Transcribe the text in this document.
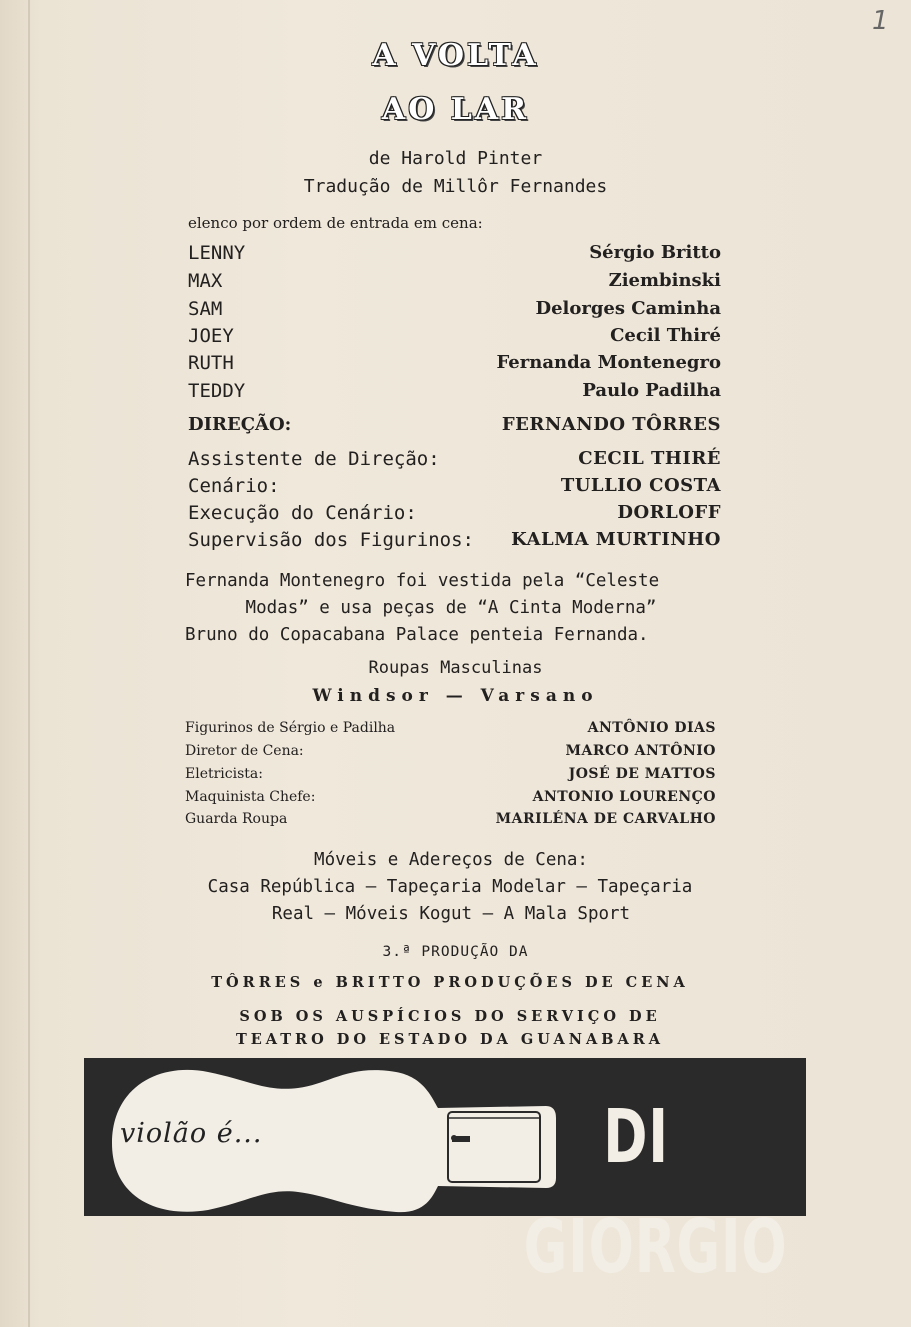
1
A VOLTA
AO LAR
de Harold Pinter
Tradução de Millôr Fernandes
elenco por ordem de entrada em cena:
LENNY	Sérgio Britto
MAX	Ziembinski
SAM	Delorges Caminha
JOEY	Cecil Thiré
RUTH	Fernanda Montenegro
TEDDY	Paulo Padilha
DIREÇÃO:	FERNANDO TÔRRES
Assistente de Direção:	CECIL THIRÉ
Cenário:	TULLIO COSTA
Execução do Cenário:	DORLOFF
Supervisão dos Figurinos: KALMA MURTINHO
Fernanda Montenegro foi vestida pela “Celeste
Modas” e usa peças de “A Cinta Moderna”
Bruno do Copacabana Palace penteia Fernanda.
Roupas Masculinas
Windsor — Varsano
Figurinos de Sérgio e Padilha	ANTÔNIO DIAS
Diretor de Cena:	MARCO ANTÔNIO
Eletricista:	JOSÉ DE MATTOS
Maquinista Chefe:	ANTONIO LOURENÇO
Guarda Roupa	MARILÉNA DE CARVALHO
Móveis e Adereços de Cena:
Casa República — Tapeçaria Modelar — Tapeçaria
Real — Móveis Kogut — A Mala Sport
3.ª PRODUÇÃO DA
TÔRRES e BRITTO PRODUÇÕES DE CENA
SOB OS AUSPÍCIOS DO SERVIÇO DE
TEATRO DO ESTADO DA GUANABARA
violão é...	DI GIORGIO
